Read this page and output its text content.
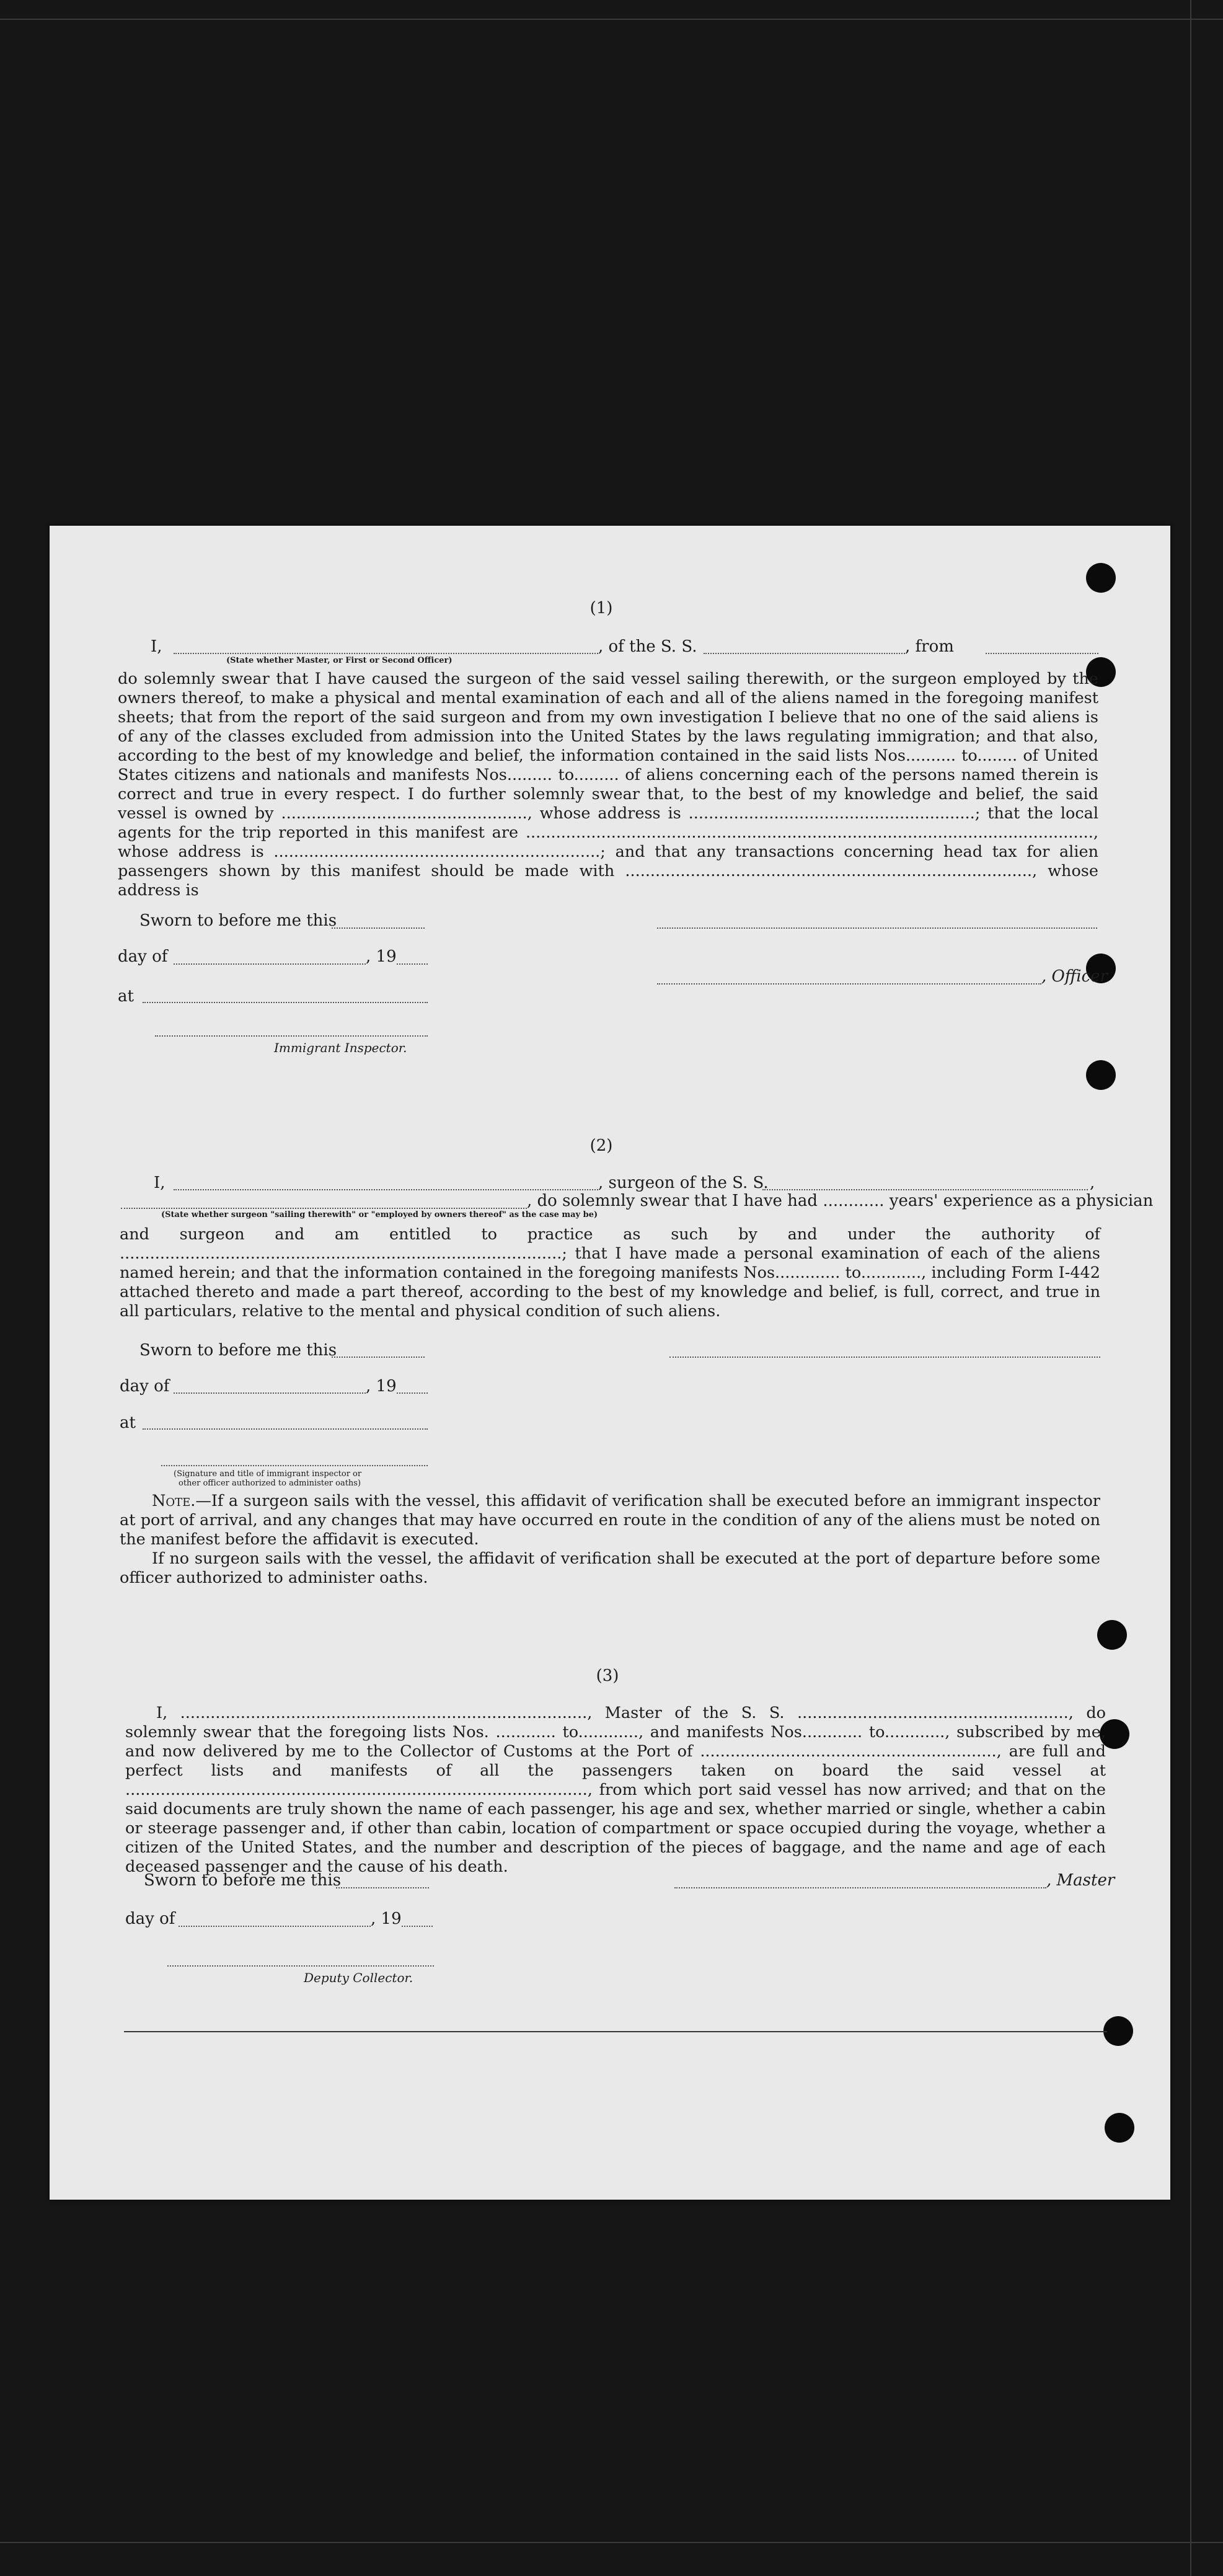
(1)
I,	, of the S. S.	, from
(State whether Master, or First or Second Officer)
do solemnly swear that I have caused the surgeon of the said vessel sailing therewith, or the surgeon employed by the owners thereof, to make a physical and mental examination of each and all of the aliens named in the foregoing manifest sheets; that from the report of the said surgeon and from my own investigation I believe that no one of the said aliens is of any of the classes excluded from admission into the United States by the laws regulating immigration; and that also, according to the best of my knowledge and belief, the information contained in the said lists Nos.......... to........ of United States citizens and nationals and manifests Nos......... to......... of aliens concerning each of the persons named therein is correct and true in every respect. I do further solemnly swear that, to the best of my knowledge and belief, the said vessel is owned by ................................................., whose address is .........................................................; that the local agents for the trip reported in this manifest are ................................................................................................................., whose address is .................................................................; and that any transactions concerning head tax for alien passengers shown by this manifest should be made with ................................................................................., whose address is
Sworn to before me this
day of	, 19
, Officer
at
Immigrant Inspector.
(2)
I,	, surgeon of the S. S.	,
, do solemnly swear that I have had ............ years' experience as a physician
(State whether surgeon "sailing therewith" or "employed by owners thereof" as the case may be)
and surgeon and am entitled to practice as such by and under the authority of ........................................................................................; that I have made a personal examination of each of the aliens named herein; and that the information contained in the foregoing manifests Nos............. to............, including Form I-442 attached thereto and made a part thereof, according to the best of my knowledge and belief, is full, correct, and true in all particulars, relative to the mental and physical condition of such aliens.
Sworn to before me this
day of	, 19
at
(Signature and title of immigrant inspector or
other officer authorized to administer oaths)
Note.—If a surgeon sails with the vessel, this affidavit of verification shall be executed before an immigrant inspector at port of arrival, and any changes that may have occurred en route in the condition of any of the aliens must be noted on the manifest before the affidavit is executed.
If no surgeon sails with the vessel, the affidavit of verification shall be executed at the port of departure before some officer authorized to administer oaths.
(3)
I, ................................................................................., Master of the S. S. ......................................................, do solemnly swear that the foregoing lists Nos. ............ to............, and manifests Nos............ to............, subscribed by me, and now delivered by me to the Collector of Customs at the Port of ..........................................................., are full and perfect lists and manifests of all the passengers taken on board the said vessel at ............................................................................................, from which port said vessel has now arrived; and that on the said documents are truly shown the name of each passenger, his age and sex, whether married or single, whether a cabin or steerage passenger and, if other than cabin, location of compartment or space occupied during the voyage, whether a citizen of the United States, and the number and description of the pieces of baggage, and the name and age of each deceased passenger and the cause of his death.
Sworn to before me this	, Master
day of	, 19
Deputy Collector.
